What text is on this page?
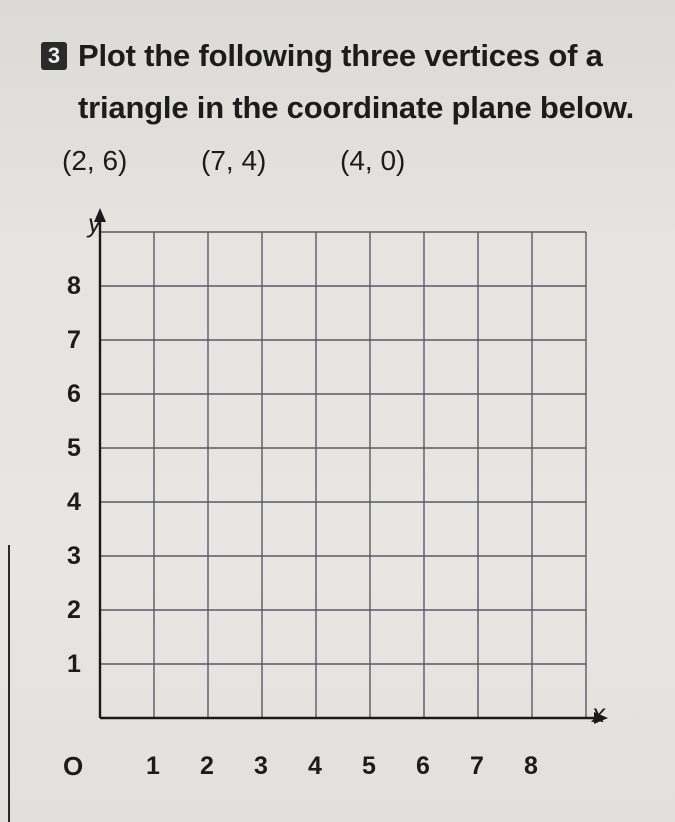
3 Plot the following three vertices of a triangle in the coordinate plane below.
(2, 6)	(7, 4)	(4, 0)
y
x
O
1
2
3
4
5
6
7
8
1 2 3 4 5 6 7 8
